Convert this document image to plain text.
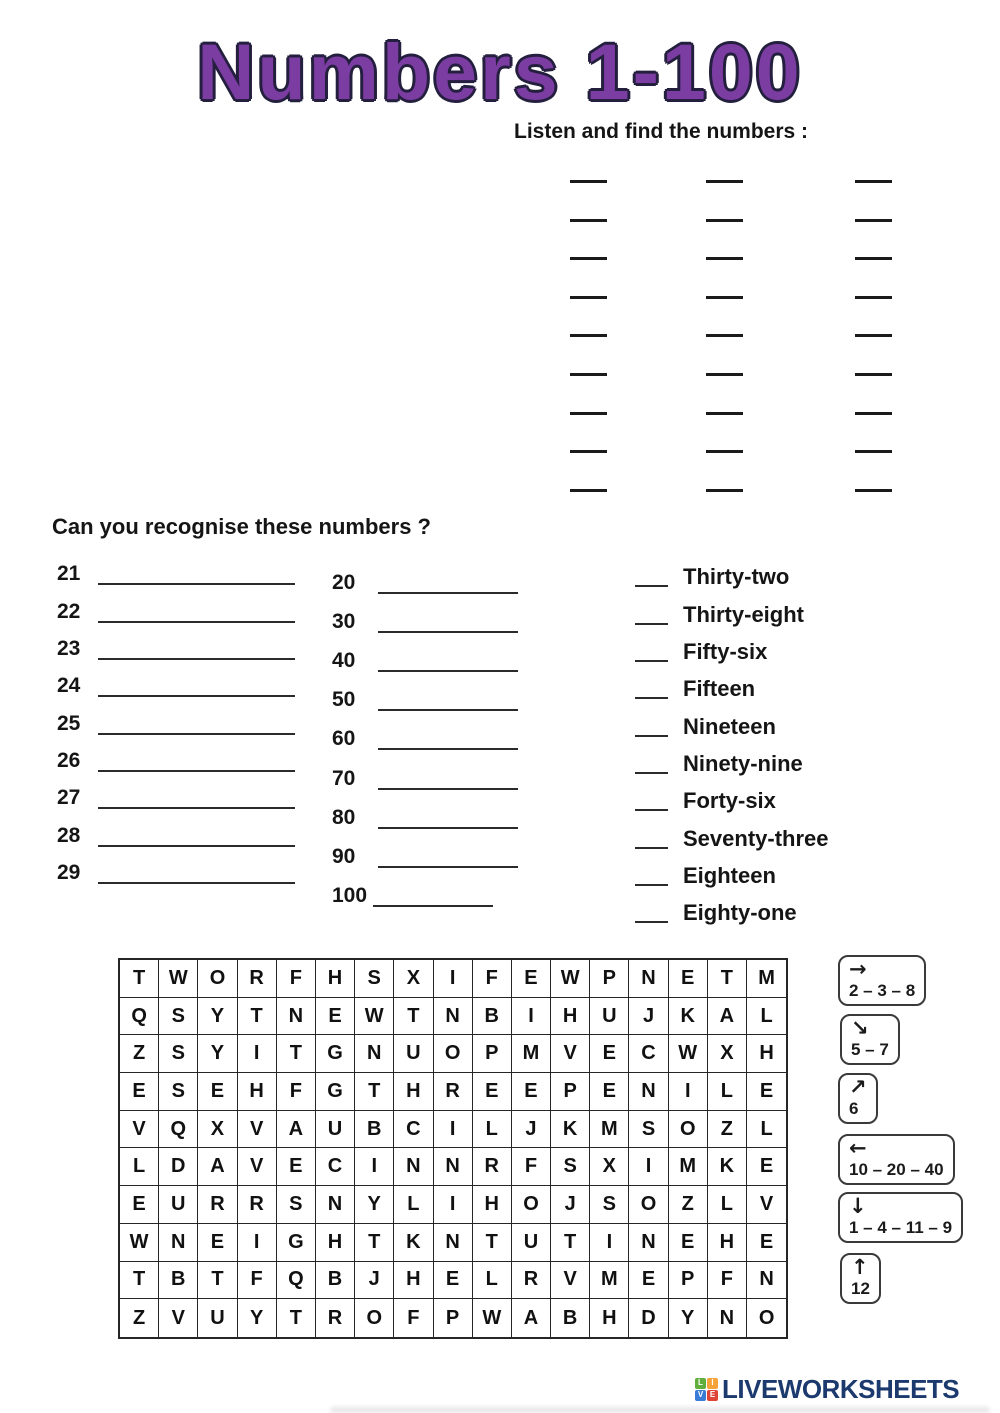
Numbers 1-100
Listen and find the numbers :
Can you recognise these numbers ?
21
22
23
24
25
26
27
28
29
20
30
40
50
60
70
80
90
100
Thirty-two
Thirty-eight
Fifty-six
Fifteen
Nineteen
Ninety-nine
Forty-six
Seventy-three
Eighteen
Eighty-one
T	W	O	R	F	H	S	X	I	F	E	W	P	N	E	T	M
Q	S	Y	T	N	E	W	T	N	B	I	H	U	J	K	A	L
Z	S	Y	I	T	G	N	U	O	P	M	V	E	C	W	X	H
E	S	E	H	F	G	T	H	R	E	E	P	E	N	I	L	E
V	Q	X	V	A	U	B	C	I	L	J	K	M	S	O	Z	L
L	D	A	V	E	C	I	N	N	R	F	S	X	I	M	K	E
E	U	R	R	S	N	Y	L	I	H	O	J	S	O	Z	L	V
W	N	E	I	G	H	T	K	N	T	U	T	I	N	E	H	E
T	B	T	F	Q	B	J	H	E	L	R	V	M	E	P	F	N
Z	V	U	Y	T	R	O	F	P	W	A	B	H	D	Y	N	O
→
2 – 3 – 8
↘
5 – 7
↗
6
←
10 – 20 – 40
↓
1 – 4 – 11 – 9
↑
12
L	I
V E LIVEWORKSHEETS
